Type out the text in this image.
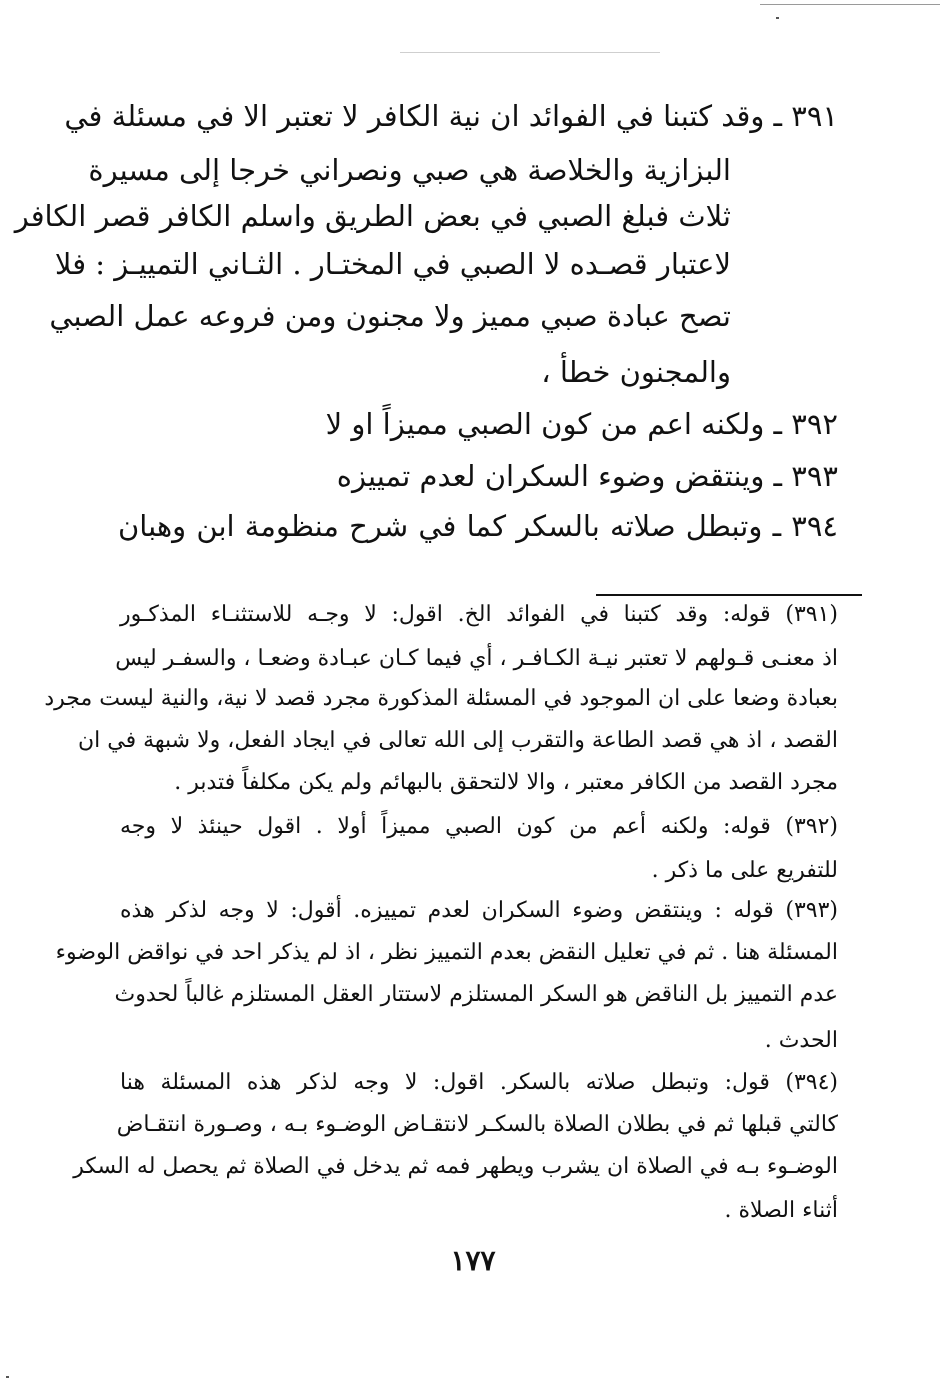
٣٩١ ـ وقد كتبنا في الفوائد ان نية الكافر لا تعتبر الا في مسئلة في
البزازية والخلاصة هي صبي ونصراني خرجا إلى مسيرة
ثلاث فبلغ الصبي في بعض الطريق واسلم الكافر قصر الكافر
لاعتبار قصـده لا الصبي في المختـار . الثـاني التمييـز : فلا
تصح عبادة صبي مميز ولا مجنون ومن فروعه عمل الصبي
والمجنون خطأ ،
٣٩٢ ـ ولكنه اعم من كون الصبي مميزاً او لا
٣٩٣ ـ وينتقض وضوء السكران لعدم تمييزه
٣٩٤ ـ وتبطل صلاته بالسكر كما في شرح منظومة ابن وهبان
(٣٩١) قوله: وقد كتبنا في الفوائد الخ. اقول: لا وجـه للاستثنـاء المذكـور
اذ معنـى قـولهم لا تعتبر نيـة الكـافـر ، أي فيما كـان عبـادة وضعـا ، والسفـر ليس
بعبادة وضعا على ان الموجود في المسئلة المذكورة مجرد قصد لا نية، والنية ليست مجرد
القصد ، اذ هي قصد الطاعة والتقرب إلى الله تعالى في ايجاد الفعل، ولا شبهة في ان
مجرد القصد من الكافر معتبر ، والا لالتحقق بالبهائم ولم يكن مكلفاً فتدبر .
(٣٩٢) قوله: ولكنه أعم من كون الصبي مميزاً أولا . اقول حينئذ لا وجه
للتفريع على ما ذكر .
(٣٩٣) قوله : وينتقض وضوء السكران لعدم تمييزه. أقول: لا وجه لذكر هذه
المسئلة هنا . ثم في تعليل النقض بعدم التمييز نظر ، اذ لم يذكر احد في نواقض الوضوء
عدم التمييز بل الناقض هو السكر المستلزم لاستتار العقل المستلزم غالباً لحدوث
الحدث .
(٣٩٤) قول: وتبطل صلاته بالسكر. اقول: لا وجه لذكر هذه المسئلة هنا
كالتي قبلها ثم في بطلان الصلاة بالسكـر لانتقـاض الوضـوء بـه ، وصـورة انتقـاض
الوضـوء بـه في الصلاة ان يشرب ويطهر فمه ثم يدخل في الصلاة ثم يحصل له السكر
أثناء الصلاة .
١٧٧
